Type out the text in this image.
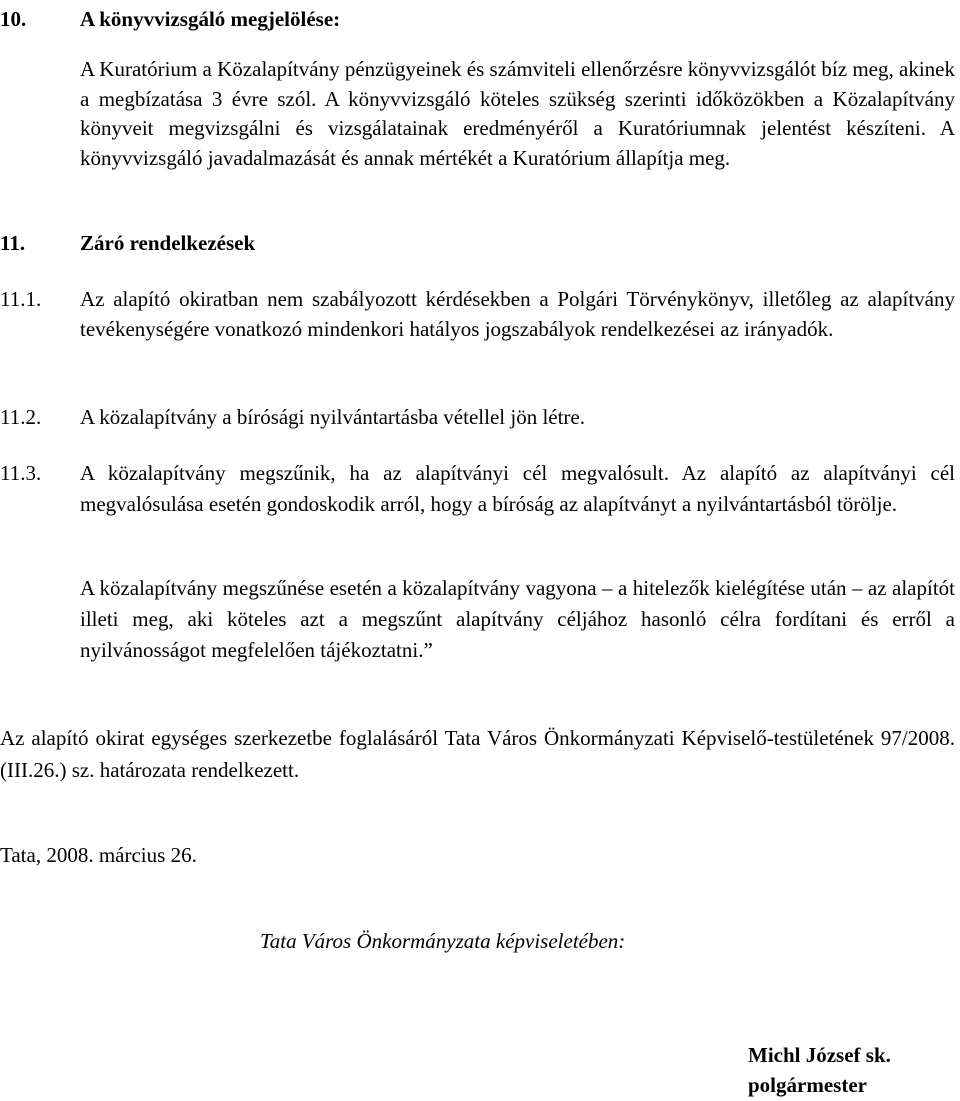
10.	A könyvvizsgáló megjelölése:

A Kuratórium a Közalapítvány pénzügyeinek és számviteli ellenőrzésre könyvvizsgálót bíz meg, akinek a megbízatása 3 évre szól. A könyvvizsgáló köteles szükség szerinti időközökben a Közalapítvány könyveit megvizsgálni és vizsgálatainak eredményéről a Kuratóriumnak jelentést készíteni. A könyvvizsgáló javadalmazását és annak mértékét a Kuratórium állapítja meg.

11.	Záró rendelkezések
11.1. Az alapító okiratban nem szabályozott kérdésekben a Polgári Törvénykönyv, illetőleg az alapítvány tevékenységére vonatkozó mindenkori hatályos jogszabályok rendelkezései az irányadók.

11.2. A közalapítvány a bírósági nyilvántartásba vétellel jön létre.

11.3. A közalapítvány megszűnik, ha az alapítványi cél megvalósult. Az alapító az alapítványi cél megvalósulása esetén gondoskodik arról, hogy a bíróság az alapítványt a nyilvántartásból törölje.

A közalapítvány megszűnése esetén a közalapítvány vagyona – a hitelezők kielégítése után – az alapítót illeti meg, aki köteles azt a megszűnt alapítvány céljához hasonló célra fordítani és erről a nyilvánosságot megfelelően tájékoztatni.”

Az alapító okirat egységes szerkezetbe foglalásáról Tata Város Önkormányzati Képviselő-testületének 97/2008.(III.26.) sz. határozata rendelkezett.

Tata, 2008. március 26.

Tata Város Önkormányzata képviseletében:

Michl József sk.

polgármester
